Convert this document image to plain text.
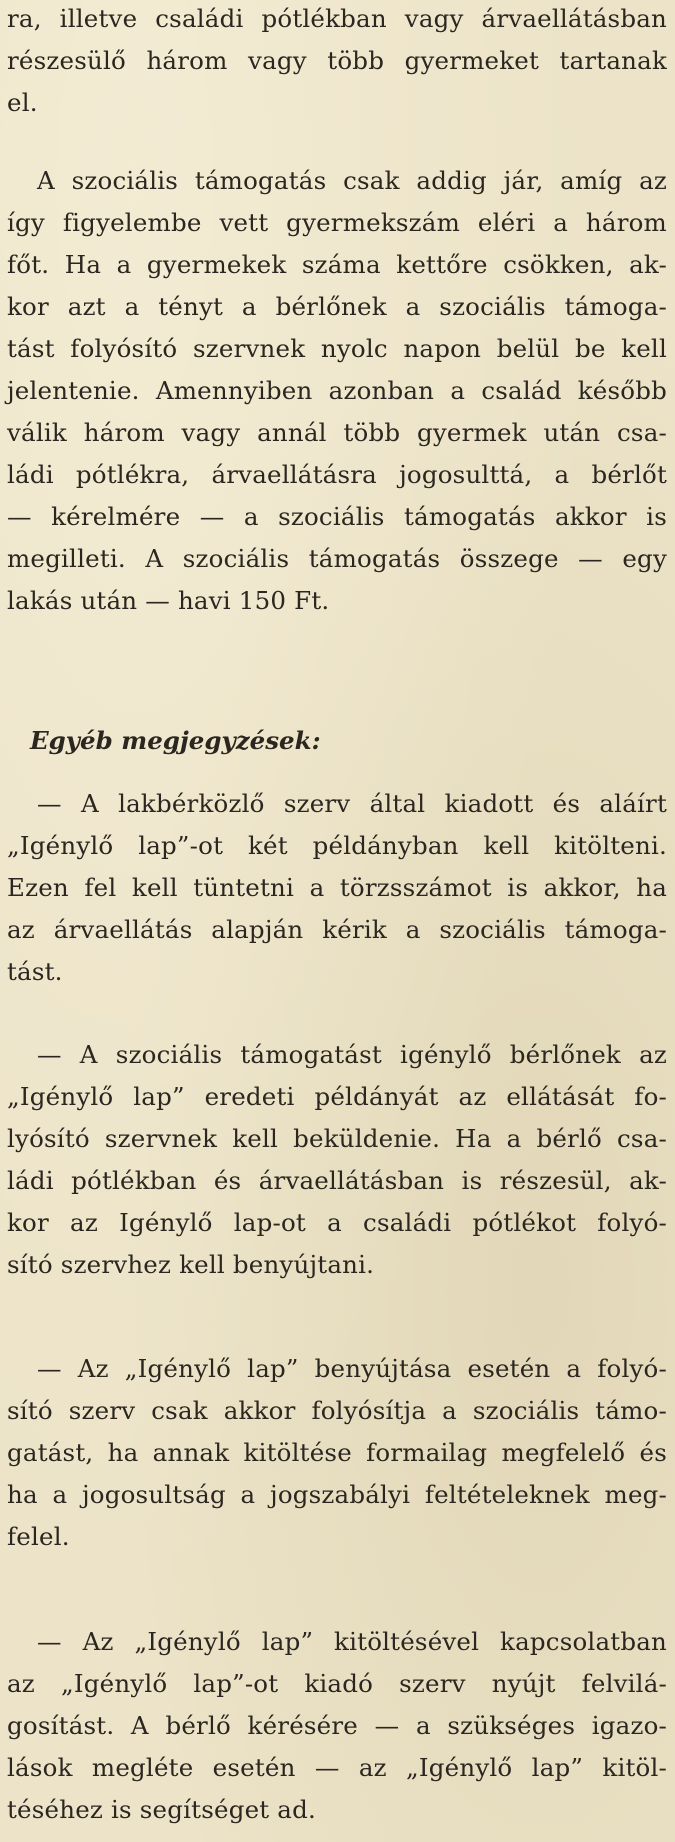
ra, illetve családi pótlékban vagy árvaellátásban
részesülő három vagy több gyermeket tartanak
el.
A szociális támogatás csak addig jár, amíg az
így figyelembe vett gyermekszám eléri a három
főt. Ha a gyermekek száma kettőre csökken, ak-
kor azt a tényt a bérlőnek a szociális támoga-
tást folyósító szervnek nyolc napon belül be kell
jelentenie. Amennyiben azonban a család később
válik három vagy annál több gyermek után csa-
ládi pótlékra, árvaellátásra jogosulttá, a bérlőt
— kérelmére — a szociális támogatás akkor is
megilleti. A szociális támogatás összege — egy
lakás után — havi 150 Ft.

Egyéb megjegyzések:

— A lakbérközlő szerv által kiadott és aláírt
„Igénylő lap”-ot két példányban kell kitölteni.
Ezen fel kell tüntetni a törzsszámot is akkor, ha
az árvaellátás alapján kérik a szociális támoga-
tást.
— A szociális támogatást igénylő bérlőnek az
„Igénylő lap” eredeti példányát az ellátását fo-
lyósító szervnek kell beküldenie. Ha a bérlő csa-
ládi pótlékban és árvaellátásban is részesül, ak-
kor az Igénylő lap-ot a családi pótlékot folyó-
sító szervhez kell benyújtani.
— Az „Igénylő lap” benyújtása esetén a folyó-
sító szerv csak akkor folyósítja a szociális támo-
gatást, ha annak kitöltése formailag megfelelő és
ha a jogosultság a jogszabályi feltételeknek meg-
felel.
— Az „Igénylő lap” kitöltésével kapcsolatban
az „Igénylő lap”-ot kiadó szerv nyújt felvilá-
gosítást. A bérlő kérésére — a szükséges igazo-
lások megléte esetén — az „Igénylő lap” kitöl-
téséhez is segítséget ad.
